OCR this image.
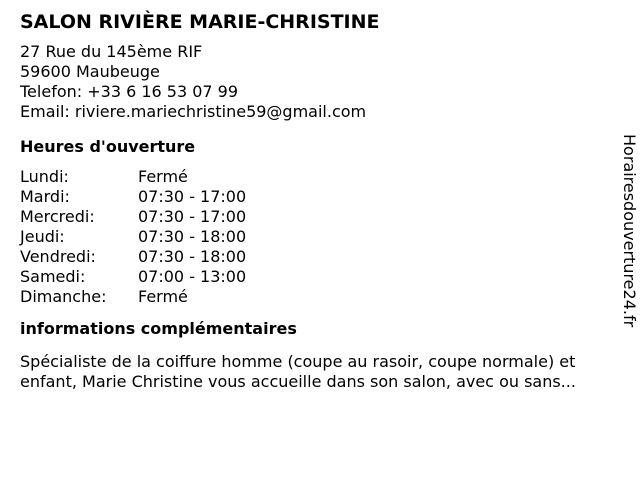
SALON RIVIÈRE MARIE-CHRISTINE
27 Rue du 145ème RIF
59600 Maubeuge
Telefon: +33 6 16 53 07 99
Email: riviere.mariechristine59@gmail.com
Heures d'ouverture
Lundi:	Fermé
Mardi:	07:30 - 17:00
Mercredi:	07:30 - 17:00
Jeudi:	07:30 - 18:00
Vendredi:	07:30 - 18:00
Samedi:	07:00 - 13:00
Dimanche:	Fermé
informations complémentaires
Spécialiste de la coiffure homme (coupe au rasoir, coupe normale) et enfant, Marie Christine vous accueille dans son salon, avec ou sans...
Horairesdouverture24.fr
